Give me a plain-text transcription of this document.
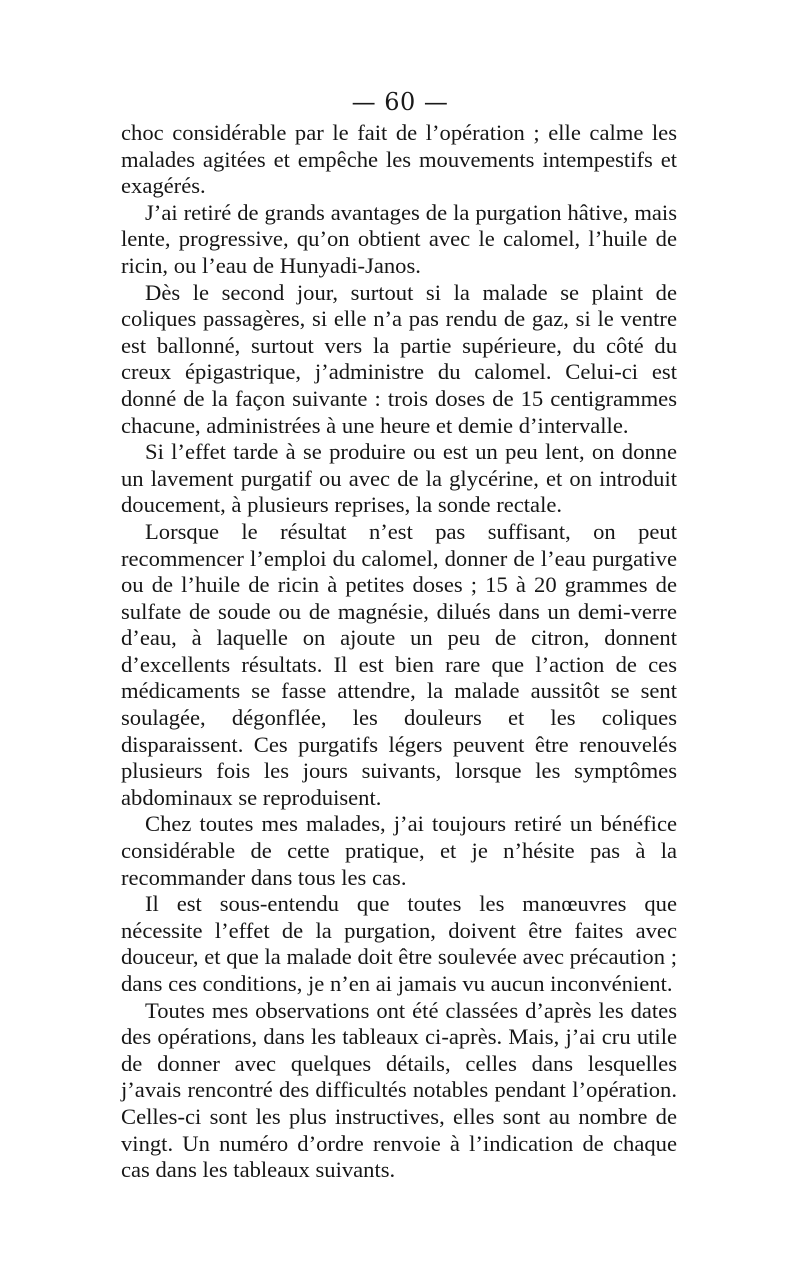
— 60 —

choc considérable par le fait de l’opération ; elle calme les malades agitées et empêche les mouvements intempestifs et exagérés.

J’ai retiré de grands avantages de la purgation hâtive, mais lente, progressive, qu’on obtient avec le calomel, l’huile de ricin, ou l’eau de Hunyadi-Janos.

Dès le second jour, surtout si la malade se plaint de coliques passagères, si elle n’a pas rendu de gaz, si le ventre est ballonné, surtout vers la partie supérieure, du côté du creux épigastrique, j’administre du calomel. Celui-ci est donné de la façon suivante : trois doses de 15 centigrammes chacune, administrées à une heure et demie d’intervalle.

Si l’effet tarde à se produire ou est un peu lent, on donne un lavement purgatif ou avec de la glycérine, et on introduit doucement, à plusieurs reprises, la sonde rectale.

Lorsque le résultat n’est pas suffisant, on peut recommencer l’emploi du calomel, donner de l’eau purgative ou de l’huile de ricin à petites doses ; 15 à 20 grammes de sulfate de soude ou de magnésie, dilués dans un demi-verre d’eau, à laquelle on ajoute un peu de citron, donnent d’excellents résultats. Il est bien rare que l’action de ces médicaments se fasse attendre, la malade aussitôt se sent soulagée, dégonflée, les douleurs et les coliques disparaissent. Ces purgatifs légers peuvent être renouvelés plusieurs fois les jours suivants, lorsque les symptômes abdominaux se reproduisent.

Chez toutes mes malades, j’ai toujours retiré un bénéfice considérable de cette pratique, et je n’hésite pas à la recommander dans tous les cas.

Il est sous-entendu que toutes les manœuvres que nécessite l’effet de la purgation, doivent être faites avec douceur, et que la malade doit être soulevée avec précaution ; dans ces conditions, je n’en ai jamais vu aucun inconvénient.

Toutes mes observations ont été classées d’après les dates des opérations, dans les tableaux ci-après. Mais, j’ai cru utile de donner avec quelques détails, celles dans lesquelles j’avais rencontré des difficultés notables pendant l’opération. Celles-ci sont les plus instructives, elles sont au nombre de vingt. Un numéro d’ordre renvoie à l’indication de chaque cas dans les tableaux suivants.
